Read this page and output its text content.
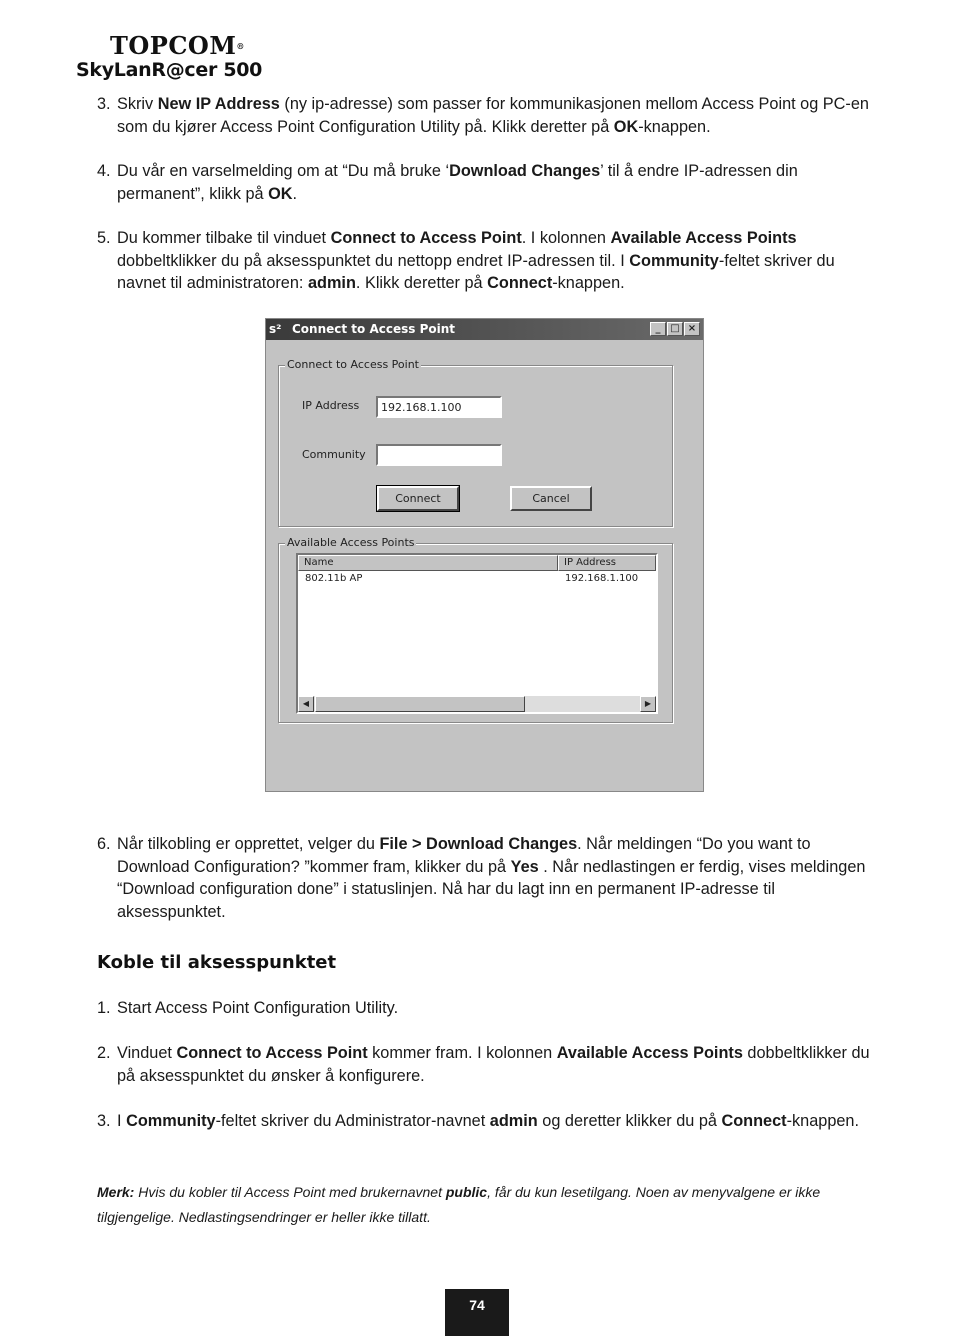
TOPCOM®
SkyLanR@cer 500
3. Skriv New IP Address (ny ip-adresse) som passer for kommunikasjonen mellom Access Point og PC-en som du kjører Access Point Configuration Utility på. Klikk deretter på OK-knappen.
4. Du vår en varselmelding om at “Du må bruke ‘Download Changes’ til å endre IP-adressen din permanent”, klikk på OK.
5. Du kommer tilbake til vinduet Connect to Access Point. I kolonnen Available Access Points dobbeltklikker du på aksesspunktet du nettopp endret IP-adressen til. I Community-feltet skriver du navnet til administratoren: admin. Klikk deretter på Connect-knappen.
s² Connect to Access Point	_ □ ×
Connect to Access Point
IP Address	192.168.1.100
Community
Connect	Cancel
Available Access Points
Name	IP Address
802.11b AP	192.168.1.100
◀	▶
6. Når tilkobling er opprettet, velger du File > Download Changes. Når meldingen “Do you want to Download Configuration? ”kommer fram, klikker du på Yes . Når nedlastingen er ferdig, vises meldingen “Download configuration done” i statuslinjen. Nå har du lagt inn en permanent IP-adresse til aksesspunktet.
Koble til aksesspunktet
1. Start Access Point Configuration Utility.
2. Vinduet Connect to Access Point kommer fram. I kolonnen Available Access Points dobbeltklikker du på aksesspunktet du ønsker å konfigurere.
3. I Community-feltet skriver du Administrator-navnet admin og deretter klikker du på Connect-knappen.
Merk: Hvis du kobler til Access Point med brukernavnet public, får du kun lesetilgang. Noen av menyvalgene er ikke tilgjengelige. Nedlastingsendringer er heller ikke tillatt.
74
